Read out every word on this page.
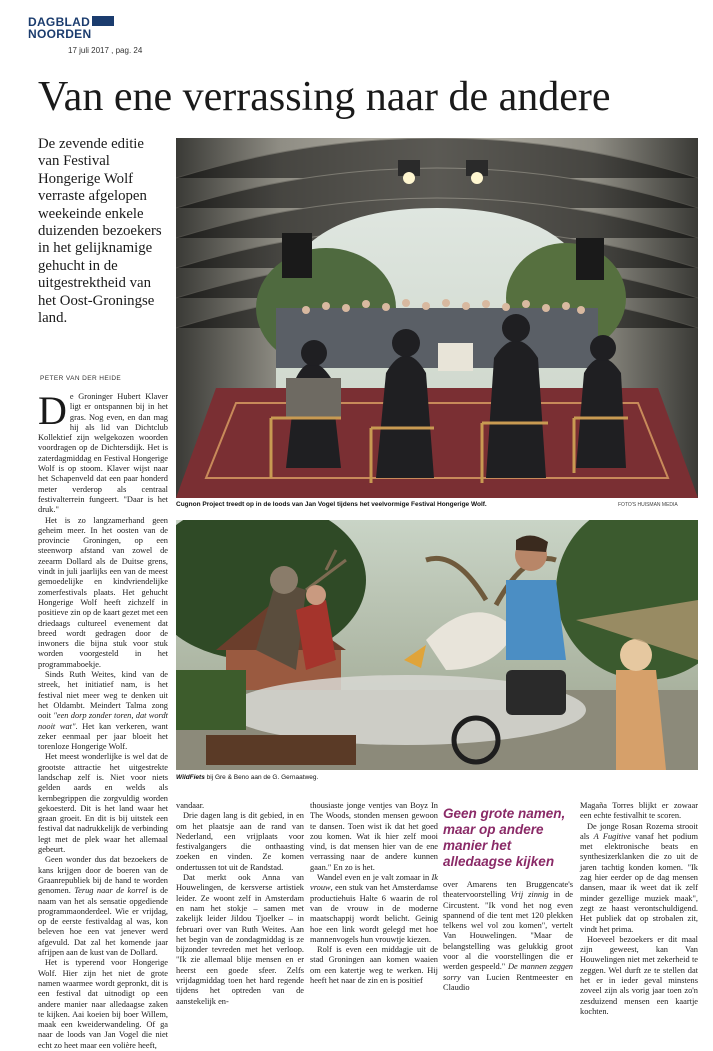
DAGBLAD
NOORDEN
17 juli 2017 , pag. 24
Van ene verrassing naar de andere
De zevende editie van Festival Hongerige Wolf verraste afgelopen weekeinde enkele duizenden bezoekers in het gelijknamige gehucht in de uitgestrektheid van het Oost-Groningse land.
PETER VAN DER HEIDE
Cugnon Project treedt op in de loods van Jan Vogel tijdens het veelvormige Festival Hongerige Wolf.	FOTO'S HUISMAN MEDIA
WildFiets bij Gre & Beno aan de G. Gernaatweg.

De Groninger Hubert Klaver ligt er ontspannen bij in het gras. Nog even, en dan mag hij als lid van Dichtclub Kollektief zijn welgekozen woorden voordragen op de Dichtersdijk. Het is zaterdagmiddag en Festival Hongerige Wolf is op stoom. Klaver wijst naar het Schapenveld dat een paar honderd meter verderop als centraal festivalterrein fungeert. "Daar is het druk."

Het is zo langzamerhand geen geheim meer. In het oosten van de provincie Groningen, op een steenworp afstand van zowel de zeearm Dollard als de Duitse grens, vindt in juli jaarlijks een van de meest gemoedelijke en kindvriendelijke zomerfestivals plaats. Het gehucht Hongerige Wolf heeft zichzelf in positieve zin op de kaart gezet met een driedaags cultureel evenement dat breed wordt gedragen door de inwoners die bijna stuk voor stuk worden voorgesteld in het programmaboekje.

Sinds Ruth Weites, kind van de streek, het initiatief nam, is het festival niet meer weg te denken uit het Oldambt. Meindert Talma zong ooit "een dorp zonder toren, dat wordt nooit wat". Het kan verkeren, want zeker eenmaal per jaar bloeit het torenloze Hongerige Wolf.

Het meest wonderlijke is wel dat de grootste attractie het uitgestrekte landschap zelf is. Niet voor niets gelden aards en welds als kernbegrippen die zorgvuldig worden gekoesterd. Dit is het land waar het graan groeit. En dit is bij uitstek een festival dat nadrukkelijk de verbinding legt met de plek waar het allemaal gebeurt.

Geen wonder dus dat bezoekers de kans krijgen door de boeren van de Graanrepubliek bij de hand te worden genomen. Terug naar de korrel is de naam van het als sensatie opgediende programmaonderdeel. Wie er vrijdag, op de eerste festivaldag al was, kon beleven hoe een vat jenever werd afgevuld. Dat zal het komende jaar afrijpen aan de kust van de Dollard.

Het is typerend voor Hongerige Wolf. Hier zijn het niet de grote namen waarmee wordt gepronkt, dit is een festival dat uitnodigt op een andere manier naar alledaagse zaken te kijken. Aai koeien bij boer Willem, maak een kweiderwandeling. Of ga naar de loods van Jan Vogel die niet echt zo heet maar een volière heeft,

vandaar.

Drie dagen lang is dit gebied, in en om het plaatsje aan de rand van Nederland, een vrijplaats voor festivalgangers die onthaasting zoeken en vinden. Ze komen ondertussen tot uit de Randstad.

Dat merkt ook Anna van Houwelingen, de kersverse artistiek leider. Ze woont zelf in Amsterdam en nam het stokje – samen met zakelijk leider Jildou Tjoelker – in februari over van Ruth Weites. Aan het begin van de zondagmiddag is ze bijzonder tevreden met het verloop. "Ik zie allemaal blije mensen en er heerst een goede sfeer. Zelfs vrijdagmiddag toen het hard regende tijdens het optreden van de aanstekelijk en-

thousiaste jonge ventjes van Boyz In The Woods, stonden mensen gewoon te dansen. Toen wist ik dat het goed zou komen. Wat ik hier zelf mooi vind, is dat mensen hier van de ene verrassing naar de andere kunnen gaan." En zo is het.

Wandel even en je valt zomaar in Ik vrouw, een stuk van het Amsterdamse productiehuis Halte 6 waarin de rol van de vrouw in de moderne maatschappij wordt belicht. Geinig hoe een link wordt gelegd met hoe mannenvogels hun vrouwtje kiezen.

Rolf is even een middagje uit de stad Groningen aan komen waaien om een katertje weg te werken. Hij heeft het naar de zin en is positief

Geen grote namen, maar op andere manier het alledaagse kijken

over Amarens ten Bruggencate's theatervoorstelling Vrij zinnig in de Circustent. "Ik vond het nog even spannend of die tent met 120 plekken telkens wel vol zou komen", vertelt Van Houwelingen. "Maar de belangstelling was gelukkig groot voor al die voorstellingen die er werden gespeeld." De mannen zeggen sorry van Lucien Rentmeester en Claudio

Magaña Torres blijkt er zowaar een echte festivalhit te scoren.

De jonge Rosan Rozema strooit als A Fugitive vanaf het podium met elektronische beats en synthesizerklanken die zo uit de jaren tachtig konden komen. "Ik zag hier eerder op de dag mensen dansen, maar ik weet dat ik zelf minder gezellige muziek maak", zegt ze haast verontschuldigend. Het publiek dat op strobalen zit, vindt het prima.

Hoeveel bezoekers er dit maal zijn geweest, kan Van Houwelingen niet met zekerheid te zeggen. Wel durft ze te stellen dat het er in ieder geval minstens zoveel zijn als vorig jaar toen zo'n zesduizend mensen een kaartje kochten.
